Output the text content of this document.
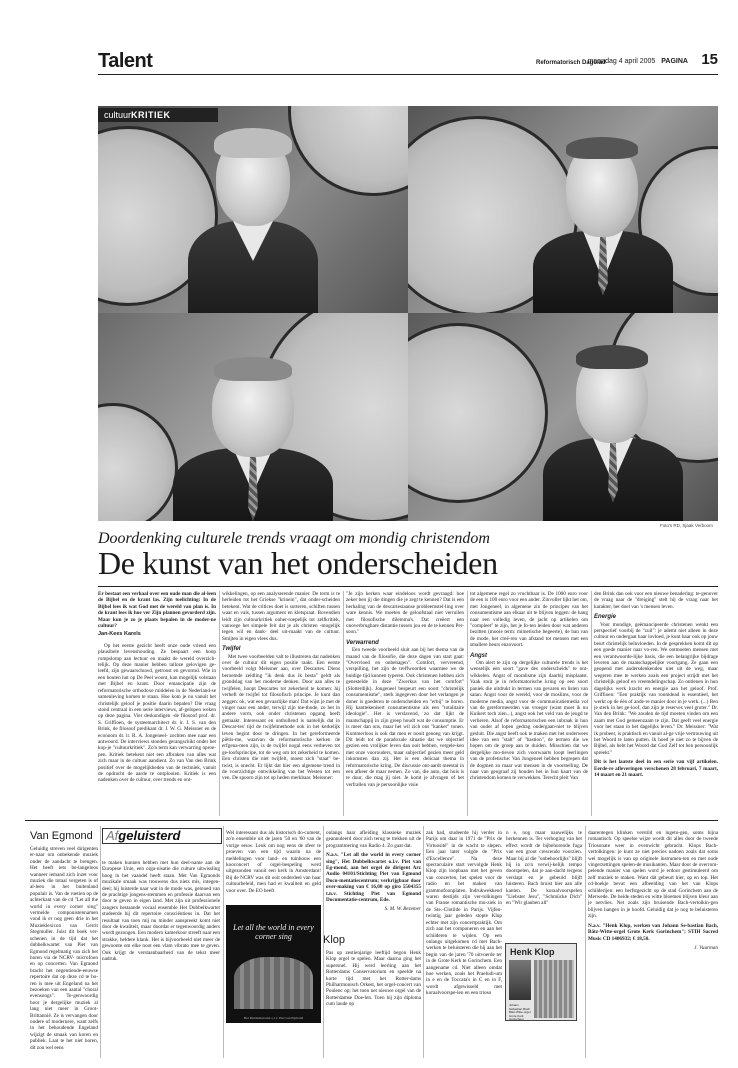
Talent	Reformatorisch Dagblad
maandag 4 april 2005 PAGINA 15
cultuurKRITIEK
Foto's RD, Sjaak Verboom
Doordenking culturele trends vraagt om mondig christendom
De kunst van het onderscheiden
Er bestaat een verhaal over een oude man die al-leen de Bijbel en de krant las. Zijn toelichting: In de Bijbel lees ik wat God met de wereld van plan is. In de krant lees ik hoe ver Zijn plannen gevorderd zijn. Maar kun je zo je plaats bepalen in de moder-ne cultuur?
Jan-Kees Karels

Op het eerste gezicht heeft onze oude vriend een plausibele levenshouding. Ze bespaart een hoop rompslomp aan lectuur en maakt de wereld overzich-telijk. Op deze manier hebben talloze gelovigen ge-leefd, zijn gewaarschuwd, getroost en gevormd. Wie in een houten hut op De Peel woont, kan mogelijk volstaan met Bijbel en krant. Door emancipatie zijn de reformatorische orthodoxe middelen in de Nederland-se samenleving komen te staan. Hoe kom je nu vanuit het christelijk geloof je positie daarin bepalen? Die vraag stond centraal in een serie interviews, af-gelopen weken op deze pagina. Vier deskundigen -de filosoof prof. dr. S. Griffioen, de systeemarchitect dr. ir. J. S. van den Brink, de filosoof predikant dr. J. W. G. Meissner en de econoom dr. ir. R. A. Jongeneel- zochten mee naar een antwoord. De interviews stonden gerangschikt onder het kop-je "cultuurkritiek". Zo'n term kan verwarring oproe-pen. Kritiek betekent niet een afbraken van alles wat zich maar in de cultuur aandient. Zo van Van den Brink positief over de mogelijkheden van de techniek, vanuit de opdracht de aarde te ontplooien. Kritiek is een nadenken over de cultuur, over trends en ont-

wikkelingen, op een analyserende manier. De term is te herleiden tot het Griekse "krinein", dat onder-scheiden betekent. Wat de critices doet is sorteren, schiften tussen waar en vals, tussen argument en kletspraat. Bovendien leidt zijn cultuurkritiek onher-roepelijk tot zelfkritiek, vanwege het simpele feit dat je als christen -mogelijk tegen wil en dank- deel uit-maakt van de cultuur. Smijten in eigen vlees dus.

Twijfel

Met twee voorbeelden valt te illustreren dat nadenken over de cultuur dit eigen positie raakt. Een eerste voorbeeld volgt Meissner aan, over Descartes. Diens beroemde zeldling "ik denk dus ik besta" geldt als grondslag van het moderne denken. Door aan alles te twijfelen, hoopt Descartes tot zekerheid te komen: hij verheft de twijfel tot filosofisch principe. Je kunt dan zeggen: ok, wat een gevaarlijke man! Dat wijst je met de vinger naar een ander, terwijl zijn me-thode, zo het in andere vorm, ook onder christenen opgang heeft gemaakt. Interessant en onthullend is namelijk dat in Descar-tes' tijd de twijfelmethode ook in het kerkelijk leven begint door te dringen. In het gereformeerde piëtis-me, waarvan de reformatorische kerken de erfgena-men zijn, is de twijfel nogal eens verheven tot ge-loofsprincipe, tot de weg om tot zekerheid te komen. Een christen die niet twijfelt, moest zich "staat" be-twist, is onecht. Er lijkt dat hier een algemene trend in de voorzichtige ontwikkeling van het Westen tot een ven. De spoorn zijn tot op heden merkbaar. Meissner:

"Je zijn kerken waar eindeloos wordt gevraagd: hoe zeker ben jij die dingen die je zegt te kennen? Dat is een herhaling van de descartesiaanse probleemstel-ling over ware kennis. We moeten de geloofstaal niet verruilen met filosofische dilemma's. Dat creëert een onoverbrugbare distantie tussen jou en de te kennen Per-soon."

Verwarrend

Een tweede voorbeeld sluit aan bij het thema van de maand van de filosofie, die deze dagen van start gaat: "Overvloed en onbehagen". Comfort, vervreemd, verspilling, het zijn de treffwoorden waarmee we de huidige tijd kunnen typeren. Ook christenen hebben zich genestelde in deze "Zwerkus van het comfort" (Slotterdijk). Jongeneel bespeurt een soort "christelijk consumentisme", sterk ingegeven door het verlangen je doner is goederen te onderscheiden en "erbij" te horen. Hij kanttekenisert consumentisme als een "totalitaire ideologie". Het is verslavend, zo dat lijkt de maatschappij in zijn greep houdt wat de consumptie. Er is meer dan ons, maar het wil zich ons "kanker" tonen. Kommerloos is ook dat men er nooit genoeg van krijgt. Dit leidt tot de paradoxale situatie dat we objectief gezien een vrolijker leven dan ooit hebben, vergele-ken met onze voorouders, maar subjectief gezien meer geld inkomsten dan zij. Het is een delicaat thema in reformatorische kring. De discussie ont-aardt meestal in een afkeer de maar nemen. Zo van, die auto, dat huis is te duur, die mag jij niet. Je komt je afvragen of het verfrallen van je persoonlijke visie

tot algemene regel zo vruchtbaar is. De 1000 euro voor de een is 100 euro voor een ander. Zinvoller lijkt het om, met Jongeneel, in algemene zin de principes van het consumentisme aan elkaar uit te blijven leggen: de hang naar een volledig leven, de jacht op artikelen om "compleet" te zijn, het je fo-ten leiden door wat anderen bezitten (mooie term: mimetische begeerte), de ban van de mode, het creë-ren van afstand tot mensen met een smallere beurs enzovoort.

Angst

Om alert te zijn op dergelijke culturele trends is het wenselijk een soort "gave des onderscheids" te ont-wikkelen. Angst of moralisme zijn daarbij misplaatst. Vaak stuit je in reformatorische kring op een soort paniek die uitdrukt in termen van gevaren en listen van satan. Angst voor de wereld, voor de moslims, voor de moderne media, angst voor de communicatiemedia vol van de gereformeerden van vroeger (want moet ik nu Kuikert toch zien...), angst ook het veld van de jeugd te verlieren. Alsof de reformatorischen een inbraak in hun van ouder af lopen gedrag ondergaan-niet te blijven gesluit. Die angst heeft ook te maken met het onderwees idee van een "stalt" of "bastion", de termen die we hopen om de groep aan te duiden. Misschien dat we dergelijke mo-tieven zich voorwaarts loopt leerlingen van de profetische: Van Jongeneel hebben begrepen dat de dogmen zo maar wat mensen in de voorstelling. De naar van geograaf zij houden het in hun kaart van de christendom komen te verwekken. Terecht pleit Van

den Brink dan ook voor een nieuwe benadering: te-genover de vraag naar de "dreiging" stelt hij de vraag naar het karakter, het doel van 's mensen leven.

Energie

Voor mondige, geëmancipeerde christenen wenkt een perspectief voorbij de "zuil": je ademt niet alleen in deze cultuur en ondergaat haar invloed, je kunt haar ook op jouw beurt christelijk beïnvloeden. In de gesprekken komt dit op een goede manier naar vo-ren. We ontmoeten mensen met een verantwoorde-lijke basis, die een belangrijke bijdrage leveren aan de maatschappelijke voortgang. Ze gaan een geopend met andersdenkenden niet uit de weg, maar wegeren mee te werken zoals een project strijdt met het christelijk geloof en vreemdelingschap. Zo ontlenen in hun dagelijks werk kracht en energie aan het geloof. Prof. Griffioen: "Een praktijk van roomdead is essentieel, het werkt op de één of ande-re manier door in je werk. (...) Ben je sterk in het ge-loof, dan zijn je reserves veel groter." Dr. Van den Brink: "We zouden de tijd moeten vinden om een zaam met God gemeenzaam te zijn. Dat geeft veel energie voor het staan in het dagelijks leven." Dr. Meissner: "Wat ik probeer, is praktisch en vanuit al-ge vrije vertrouwing uit het Woord te laten putten. Ik hoed je niet zo te bijven de Bijbel, als hebt het Woord dat God Zelf tot hen persoonlijk spreekt."

Dit is het laatste deel in een serie van vijf artikelen. Eerde-re afleveringen verschenen 28 februari, 7 maart, 14 maart en 21 maart.

Van Egmond

Geluidig streven veel dirigenten er-naar om onbekende muziek onder de aandacht te brengen. Het heeft iets be-langeloos wanneer iemand zich inzet voor muziek die totaal vergeten is of al-leen in het buitenland populair is. Van de ruetien op de achterkant van de cd "Let all the world in every corner sing" vermelde componistennamen vond ik er nog geen drie in het Muzieklexicon van Gerrit Stegmuller. Juist dit boek ver-schenen in de tijd dat het dubbelkwartet van Piet van Egmond regelmatig van zich het horen via de NCRV- microfoon en op concerten. Van Egmond bracht het negentiende-eeuwse repertoire dat op deze cd te ho-ren is mee uit Engeland na het bezoeken van een aantal "choral evensongs". Te-genwoordig hoor je dergelijke muziek al lang niet meer in Groot-Brittannië. Ze is vervangen door oudere of modernere, want zelfs in het behoudende Engeland wijzigt de smaak van koren en publiek. Laat te het niet horen, dit zou wel eens

Afgeluisterd

te maken kunnen hebben met hun deel-name aan de Europese Unie, een orga-nisatie die culture uitwissling hoog in het vaandel heeft staan. Met Van Egmonds muzikale smaak was trouwens dus niets mis, integen-deel; hij luisterde naar wat in de mode was, gemoed van de prachtige jongens-stemmen en professie daarvan een door te geven in eigen land. Met zijn uit professionele zangers bestaande vocaal ensemble Het Dubbelkwartet studeerde hij dit repertoire consciëntieus in. Dat het resultaat van toen mij nu minder aanspreekt komt niet door de kwaliteit, maar doordat er tegenwoordig anders wordt gezongen. Een modern kamerkoor streeft naar een strakke, heldere klank. Het is bijvoorbeeld niet meer de gewoonte om elke noot een vlam vibrato mee te geven. Ook krijgt de verstaanbaarheid van de tekst meer nadruk.

Wel interessant dus als historisch do-cument, zo'n ensemble uit de jaren '50 en '60 van de vorige eeuw. Leuk om nog eens de sfeer te proeven van een tijd waarin na de meldelingen voor land- en tuinbouw een kooconcert of orgel-bespeling werd uitgezonden vanuit een kerk in Amsterdam! Bij de NCRV was dit ooit onderdeel van haar cultuurbeleid, men had er kwaliteit en geld voor over. De EO heeft

Let all the world in every corner sing
Het Dubbelkwartet o.l.v. Piet van Egmond

onlangs haar afleiding klassieke muziek geannuleerd door zich terug te trekken uit de programmering van Radio 4. Zo gaat dat.

N.a.v. "Let all the world in every corner sing", Het Dubbelkwartet o.l.v. Piet van Eg-mond, aan het orgel de dirigent Arz Audio 04101/Stichting Piet van Egmond Docu-mentatiecentrum; verkrijgbaar door over-making van € 16,00 op giro 5504355 t.n.v. Stichting Piet van Egmond Documentatie-centrum, Ede.

S. M. W. Bezemer
Klop

Pas op zestienjarige leeftijd begon Henk Klop orgel te spelen. Maar daarna ging het supersnel. Hij werd leerling aan het Rotterdams Conservatorium en speelde na korte tijd met het Rotter-dams Philharmonisch Orkest, het orgel-concert van Poulenc op; het toen net nieuwe orgel van de Rotterdamse Doe-len. Toen hij zijn diploma cum laude op

zak had, studeerde hij verder in Parijs om daar in 1971 de "Prix de Virtuosité" in de wacht te slepen. Een jaar later volgde de "Prix d'Excellence". Na deze spectaculaire start vervolgde Henk Klop zijn loopbaan met het geven van concerten, het spelen voor de radio en het maken van grammofoonplaten. Indrukwekkend waren destijds zijn ver-tolkingen van Franse romantische mu-ziek in de Ste.-Clotilde in Parijs. Vijfen-twintig jaar geleden stopte Klop echter met zijn concertpraktijk. Om zich aan het componeren en aan het schilderen te wijden. Op een onlangs uitgekomen cd met Bach-werken te beluisteren die hij aan het begin van de jaren '70 uitvoerde ter in de Grote Kerk te Gorinchem. Een aangename cd. Niet alleen omdat hoe werken, zoals het Praeludi-um in e en de Toccata's in C en in F, wordt afgewisseld met koraalvoorspe-len en een trioso

n e, nog maar nauwelijks te herkennen is. Ter verhoging van het effect wordt de bijbehorende fuga van een groot crescendo voorzien. Maar bij al die "onbehoorlijks" blijft hij in zo'n verwij-kelijk tempo doorspelen, dat je aan-dacht tergens verslapt en je gebeuld blijft luisteren. Bach bruist hier aan alle kanten. De koraalvoorspelen "Liebster Jesu", "Schmücke Dich" en "Wir glauben all"

Henk Klop
Johann Sebastian Bach Bätz-Witte-orgel Grote Kerk Gorinchem

daarentegen klinken verstild en ingeto-gen, soms bijna romantisch. Op speelse wijze wordt dit alles door de tweede Triosonate weer in evenwicht gebracht. Klops Bach-vertolkingen: je kunt ze niet precies nadoen zoals dat soms wel mogelijk is van op originele instrumen-ten en met oude vingerzettingen spelen-de musikanten. Maar door de overrom-pelende manier van spelen word je erdoor gestimuleerd om zelf muziek te maken. Want dát gebeurt hier, op en top. Het cd-boekje bevat een afbeelding van het van Klops schilderijen: een herfstgezicht op de stad Gorinchem aan de Merwede. De beide steden en witte bloemen blijven kleur aan je netvlies. Net zoals zijn bruisende Bach-vertolkin-gen blijven hangen in je hoofd. Geluidig dat je nog te beluisteren zijn.

N.a.v. "Henk Klop, werken van Johann Se-bastian Bach, Bätz-Witte-orgel Grote Kerk Gorinchem"; STIH Sacred Music CD 1406932; € 18,50.

J. Vuurman
